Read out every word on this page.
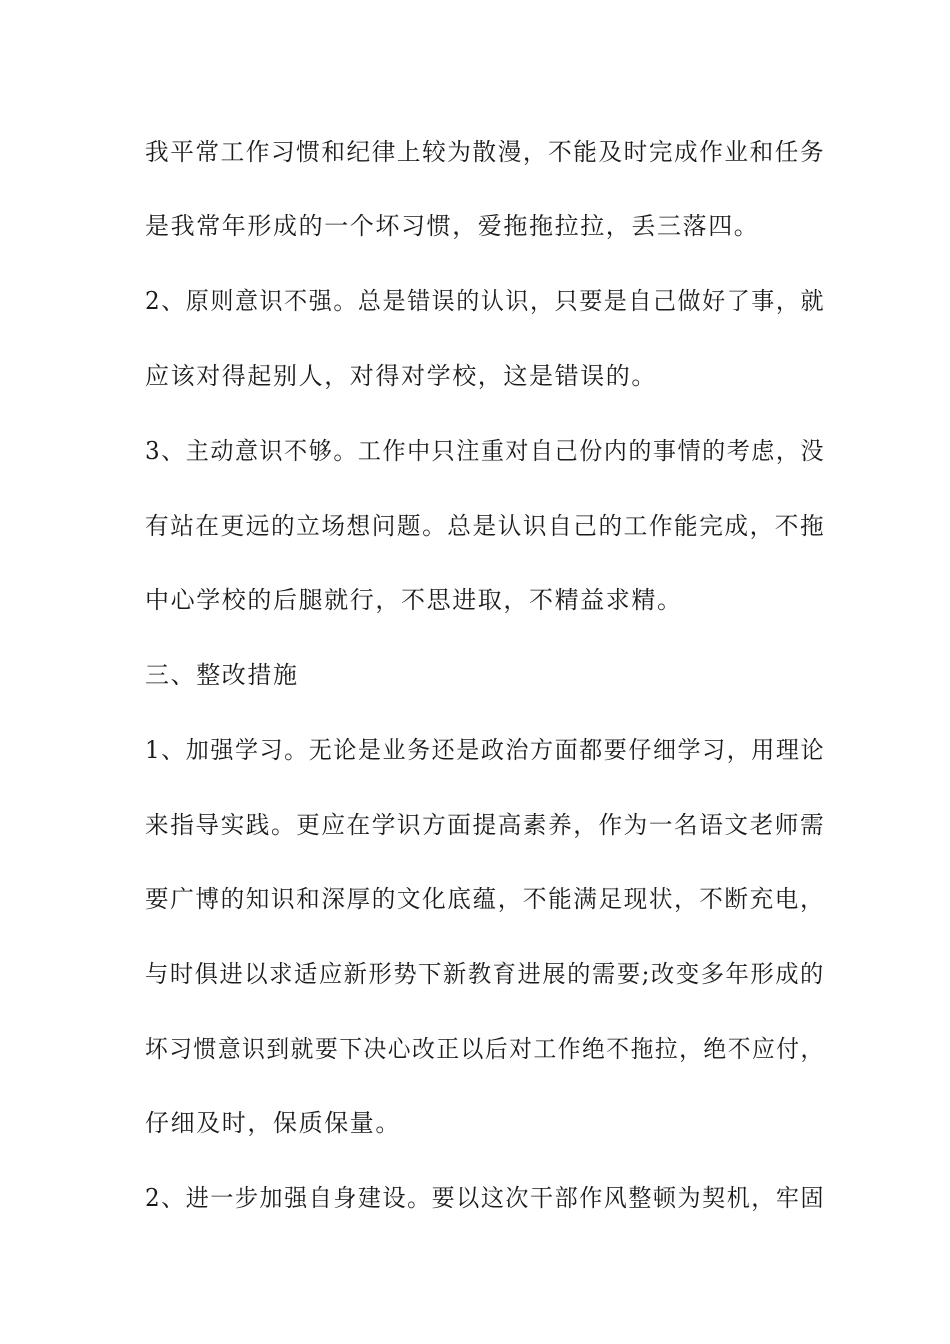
我平常工作习惯和纪律上较为散漫，不能及时完成作业和任务
是我常年形成的一个坏习惯，爱拖拖拉拉，丢三落四。
2、原则意识不强。总是错误的认识，只要是自己做好了事，就
应该对得起别人，对得对学校，这是错误的。
3、主动意识不够。工作中只注重对自己份内的事情的考虑，没
有站在更远的立场想问题。总是认识自己的工作能完成，不拖
中心学校的后腿就行，不思进取，不精益求精。
三、整改措施
1、加强学习。无论是业务还是政治方面都要仔细学习，用理论
来指导实践。更应在学识方面提高素养，作为一名语文老师需
要广博的知识和深厚的文化底蕴，不能满足现状，不断充电，
与时俱进以求适应新形势下新教育进展的需要;改变多年形成的
坏习惯意识到就要下决心改正以后对工作绝不拖拉，绝不应付，
仔细及时，保质保量。
2、进一步加强自身建设。要以这次干部作风整顿为契机，牢固
